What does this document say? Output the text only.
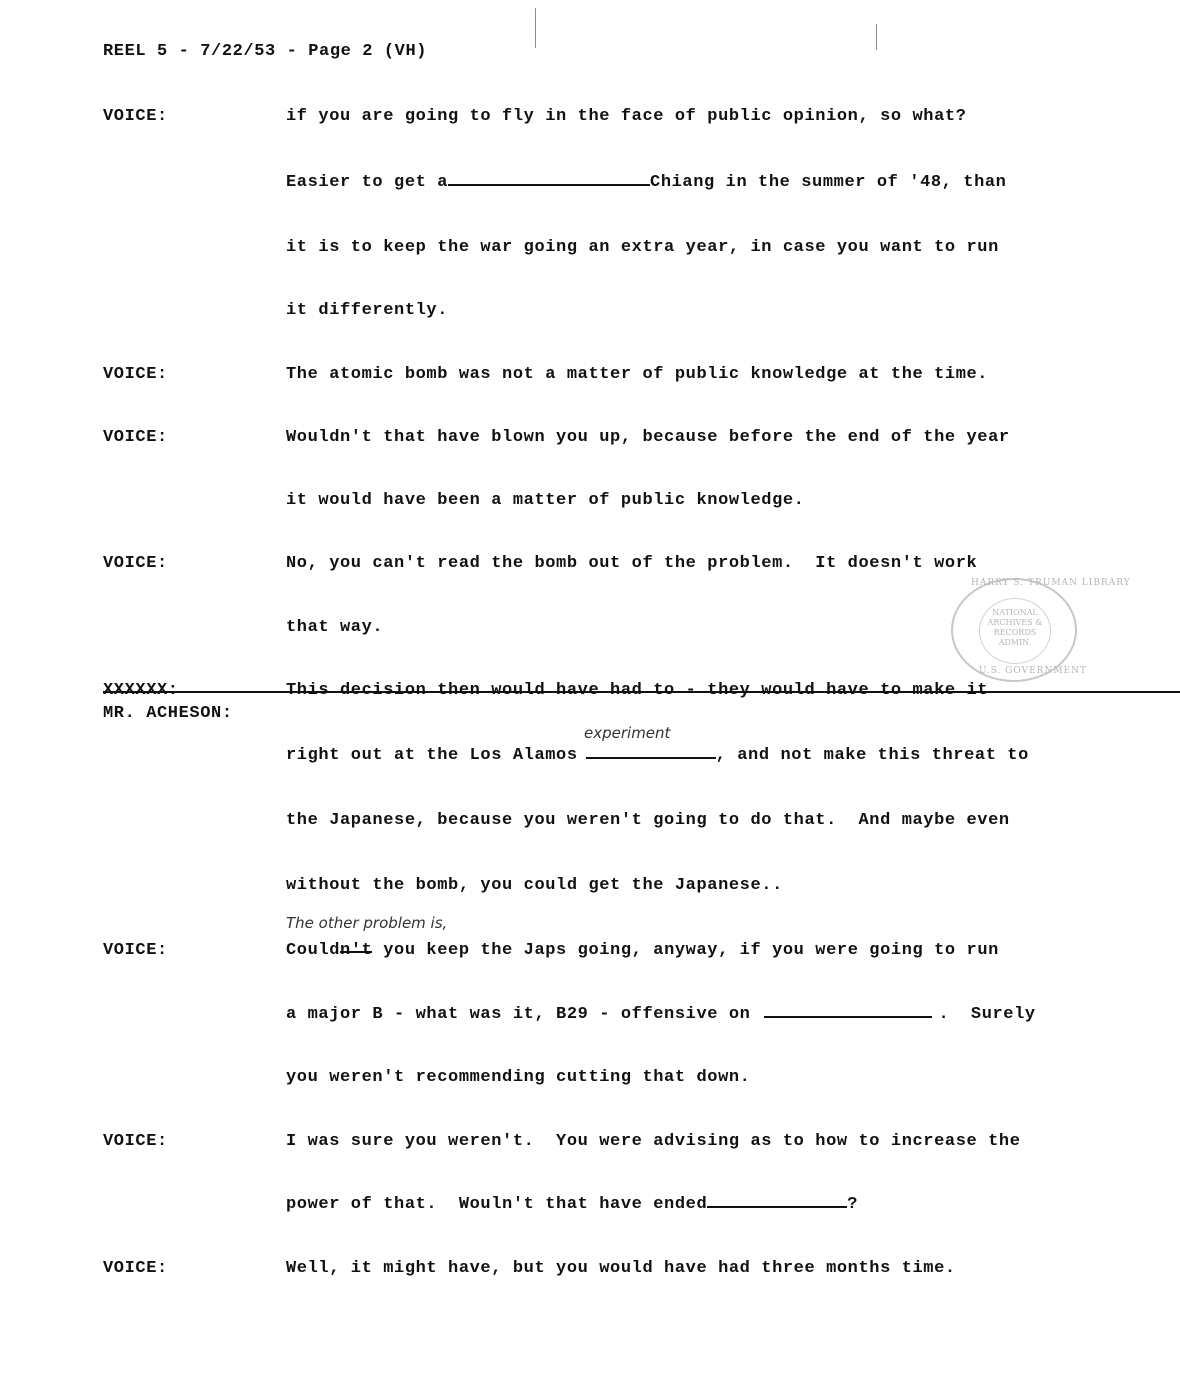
REEL 5 - 7/22/53 - Page 2 (VH)
VOICE:	if you are going to fly in the face of public opinion, so what?
Easier to get a	Chiang in the summer of '48, than
it is to keep the war going an extra year, in case you want to run
it differently.
VOICE:	The atomic bomb was not a matter of public knowledge at the time.
VOICE:	Wouldn't that have blown you up, because before the end of the year
it would have been a matter of public knowledge.
VOICE:	No, you can't read the bomb out of the problem.  It doesn't work
that way.
HARRY S. TRUMAN LIBRARY
NATIONAL
ARCHIVES &
RECORDS
ADMIN.
U.S. GOVERNMENT
XXXXXX:
MR. ACHESON:
This decision then would have had to - they would have to make it
experiment
right out at the Los Alamos	, and not make this threat to
the Japanese, because you weren't going to do that.  And maybe even
without the bomb, you could get the Japanese..
The other problem is,
VOICE:	Couldn't you keep the Japs going, anyway, if you were going to run
a major B - what was it, B29 - offensive on	.  Surely
you weren't recommending cutting that down.
VOICE:	I was sure you weren't.  You were advising as to how to increase the
power of that.  Wouln't that have ended	?
VOICE:	Well, it might have, but you would have had three months time.
